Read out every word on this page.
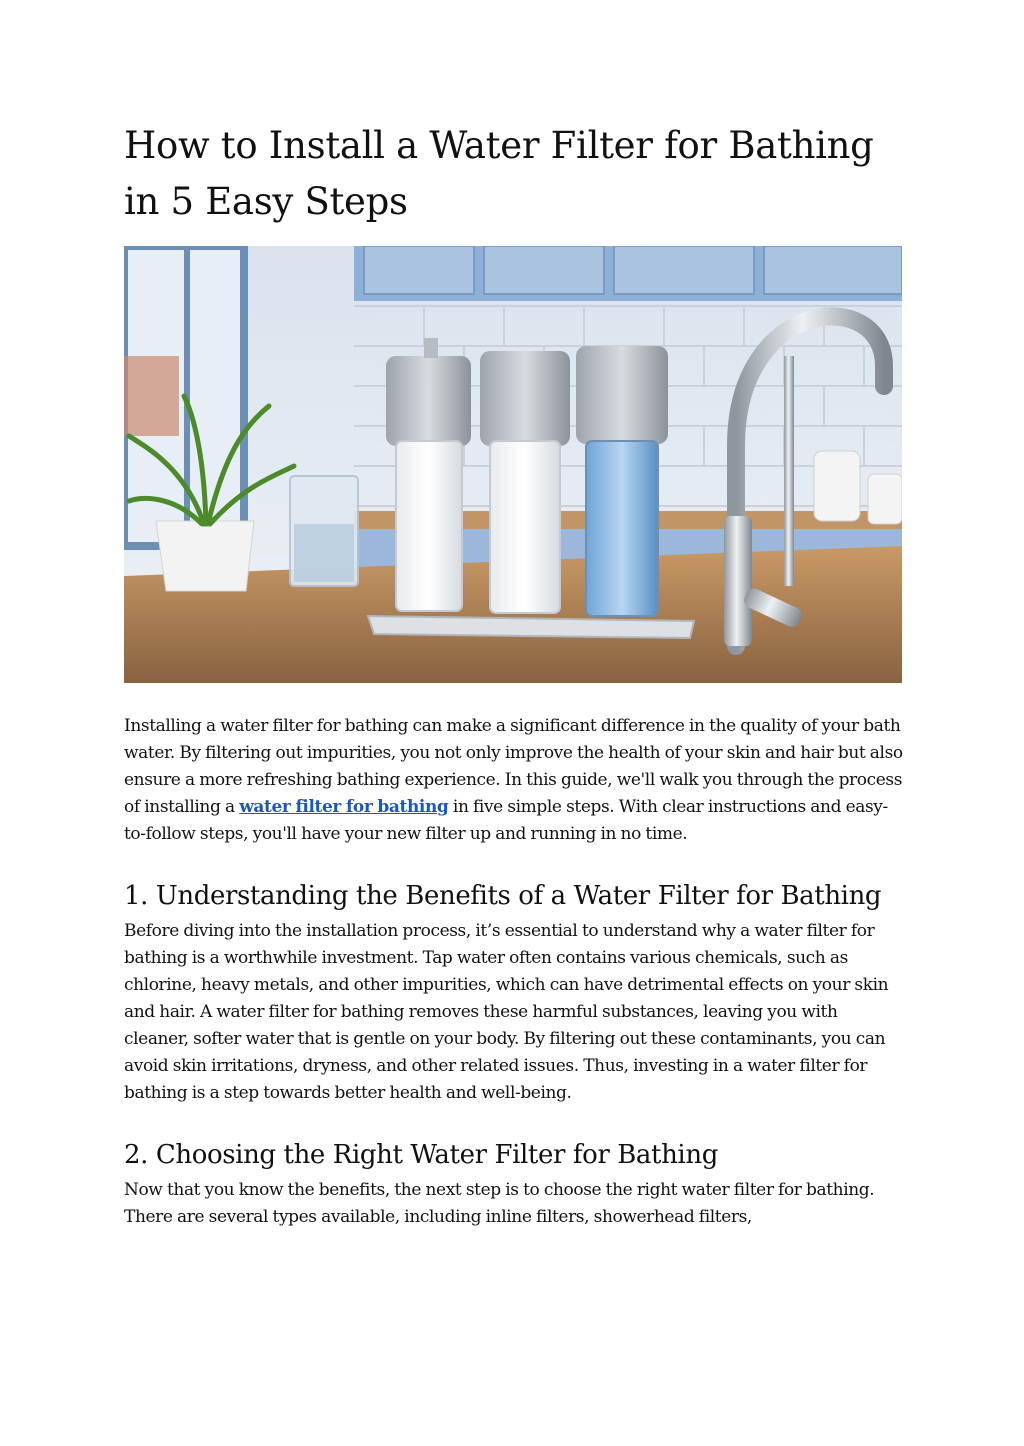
How to Install a Water Filter for Bathing in 5 Easy Steps

Installing a water filter for bathing can make a significant difference in the quality of your bath water. By filtering out impurities, you not only improve the health of your skin and hair but also ensure a more refreshing bathing experience. In this guide, we'll walk you through the process of installing a water filter for bathing in five simple steps. With clear instructions and easy-to-follow steps, you'll have your new filter up and running in no time.

1. Understanding the Benefits of a Water Filter for Bathing

Before diving into the installation process, it’s essential to understand why a water filter for bathing is a worthwhile investment. Tap water often contains various chemicals, such as chlorine, heavy metals, and other impurities, which can have detrimental effects on your skin and hair. A water filter for bathing removes these harmful substances, leaving you with cleaner, softer water that is gentle on your body. By filtering out these contaminants, you can avoid skin irritations, dryness, and other related issues. Thus, investing in a water filter for bathing is a step towards better health and well-being.

2. Choosing the Right Water Filter for Bathing

Now that you know the benefits, the next step is to choose the right water filter for bathing. There are several types available, including inline filters, showerhead filters,
